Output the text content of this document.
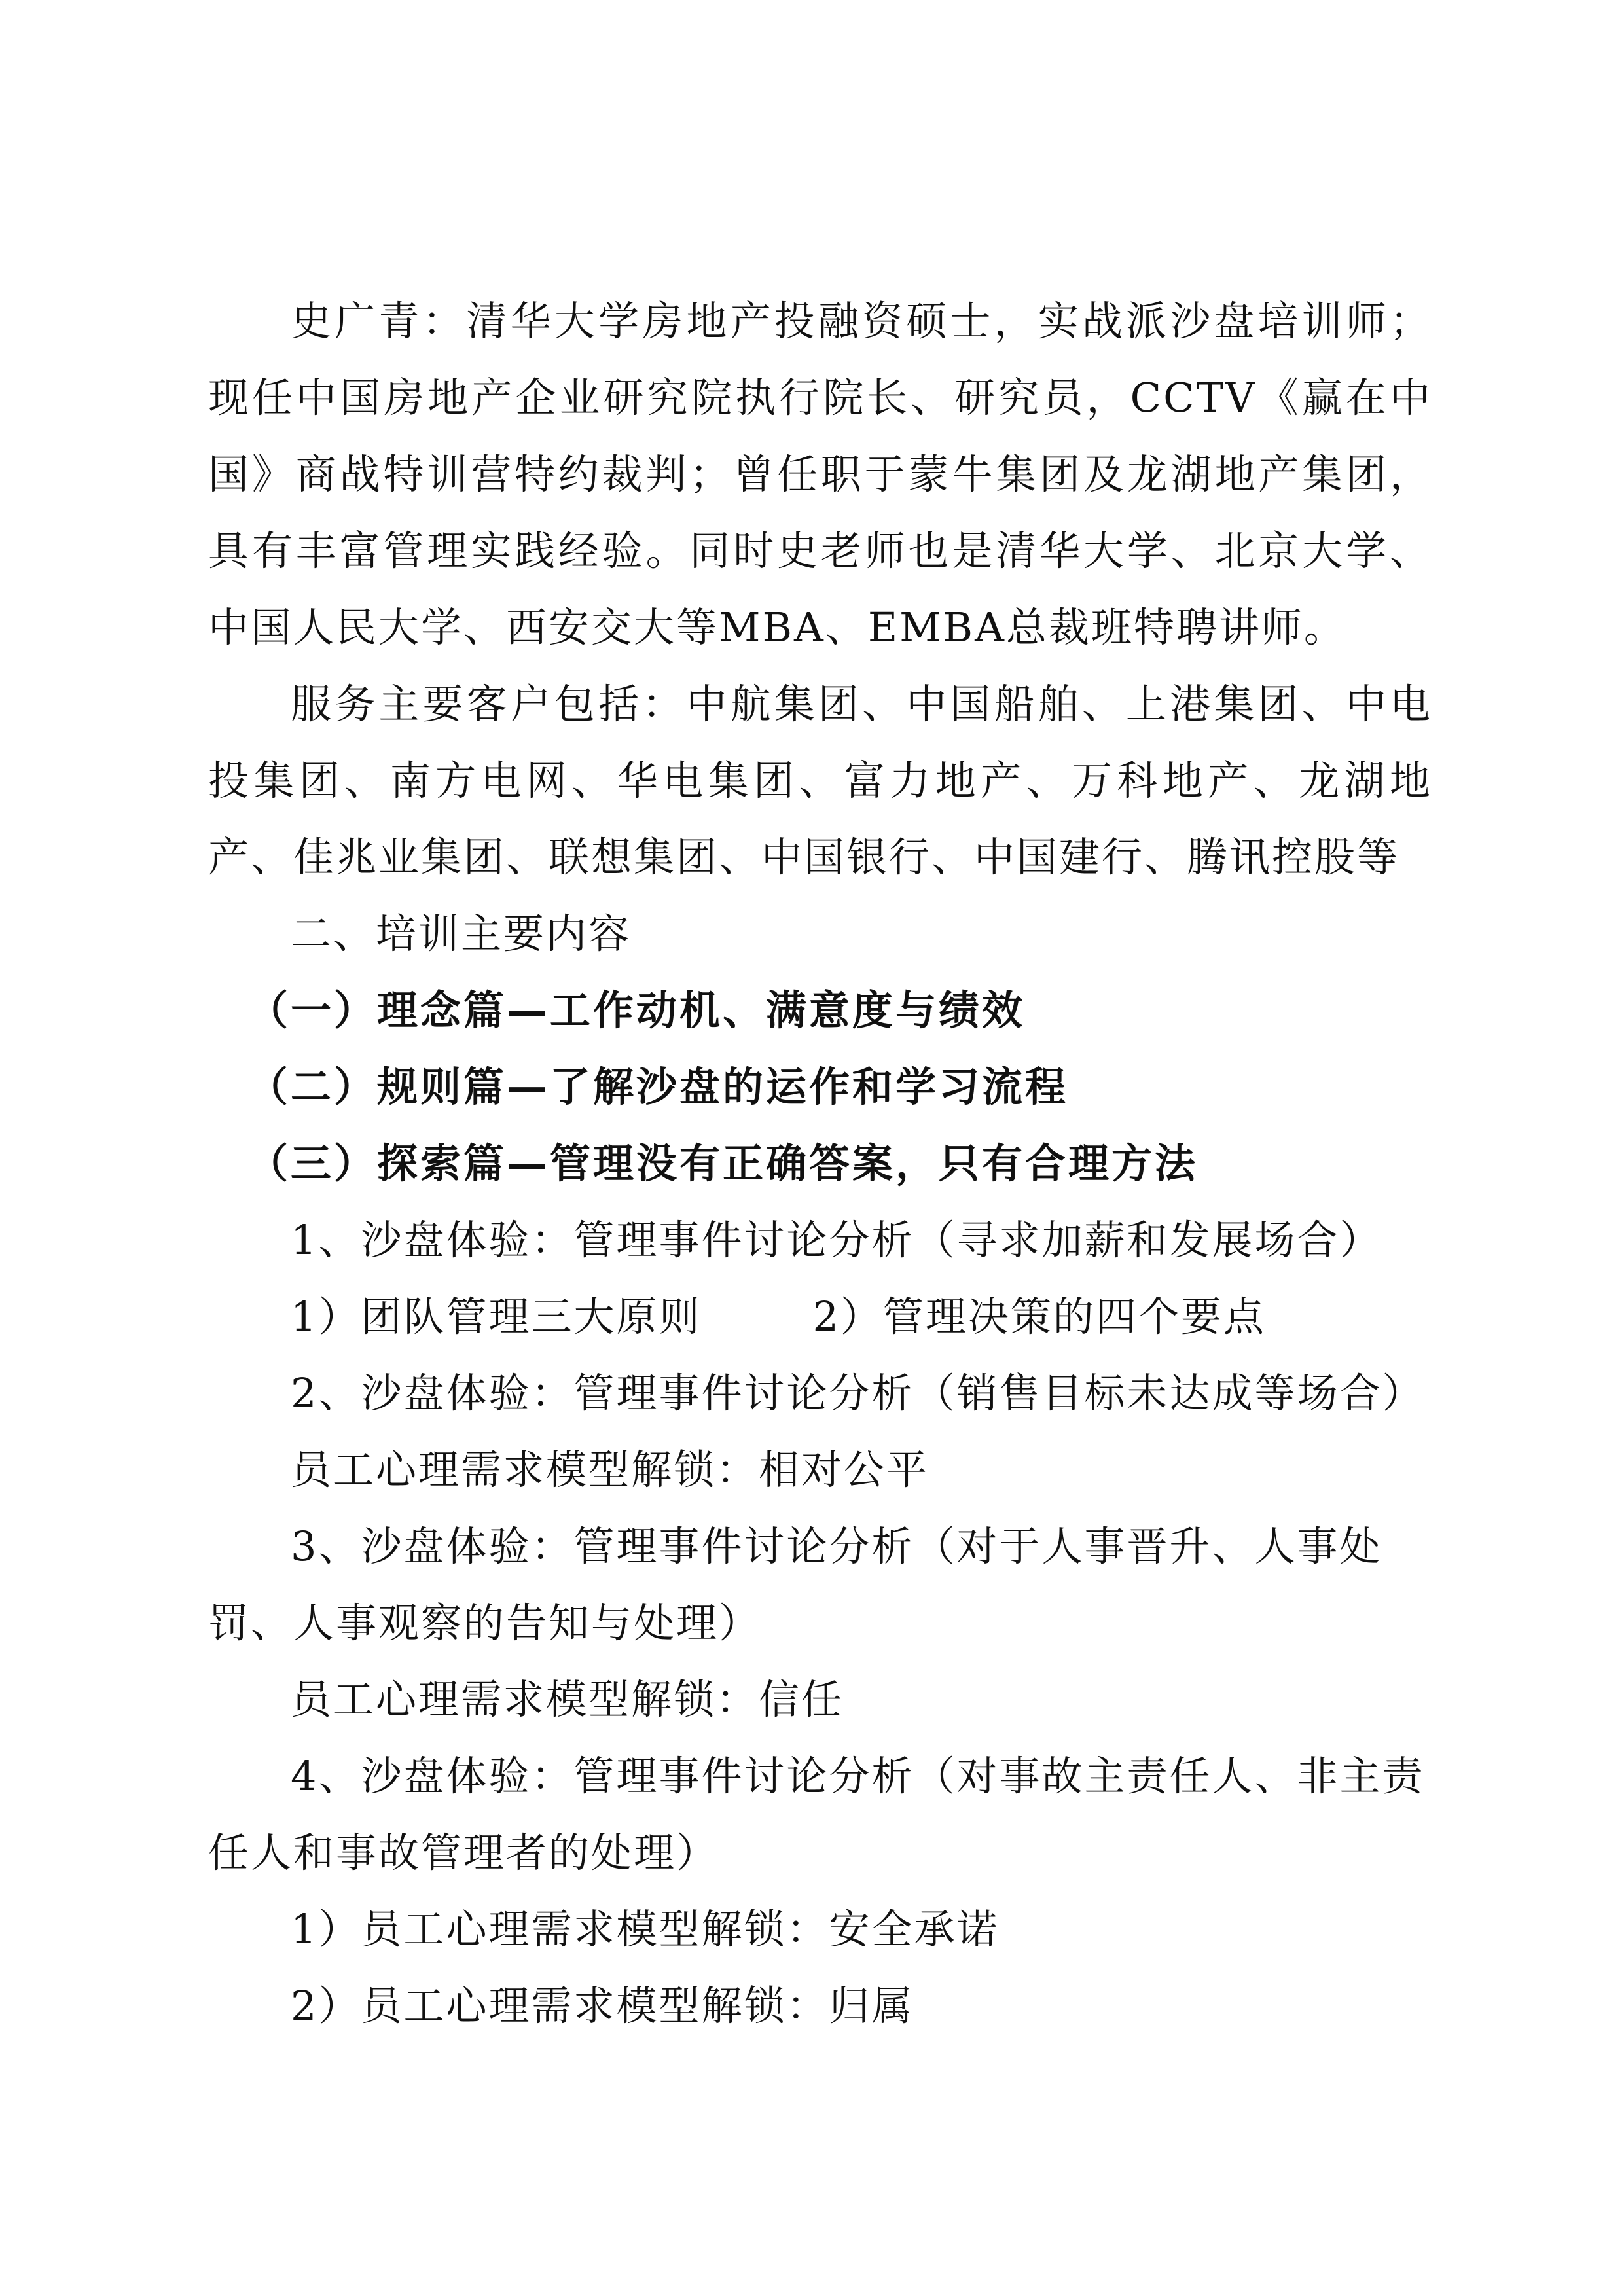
史广青：清华大学房地产投融资硕士，实战派沙盘培训师；现任中国房地产企业研究院执行院长、研究员，CCTV《赢在中国》商战特训营特约裁判；曾任职于蒙牛集团及龙湖地产集团，具有丰富管理实践经验。同时史老师也是清华大学、北京大学、中国人民大学、西安交大等MBA、EMBA总裁班特聘讲师。

服务主要客户包括：中航集团、中国船舶、上港集团、中电投集团、南方电网、华电集团、富力地产、万科地产、龙湖地产、佳兆业集团、联想集团、中国银行、中国建行、腾讯控股等

二、培训主要内容

（一）理念篇—工作动机、满意度与绩效

（二）规则篇—了解沙盘的运作和学习流程

（三）探索篇—管理没有正确答案，只有合理方法

1、沙盘体验：管理事件讨论分析（寻求加薪和发展场合）

1）团队管理三大原则	2）管理决策的四个要点

2、沙盘体验：管理事件讨论分析（销售目标未达成等场合）

员工心理需求模型解锁：相对公平

3、沙盘体验：管理事件讨论分析（对于人事晋升、人事处罚、人事观察的告知与处理）

员工心理需求模型解锁：信任

4、沙盘体验：管理事件讨论分析（对事故主责任人、非主责任人和事故管理者的处理）

1）员工心理需求模型解锁：安全承诺

2）员工心理需求模型解锁：归属
